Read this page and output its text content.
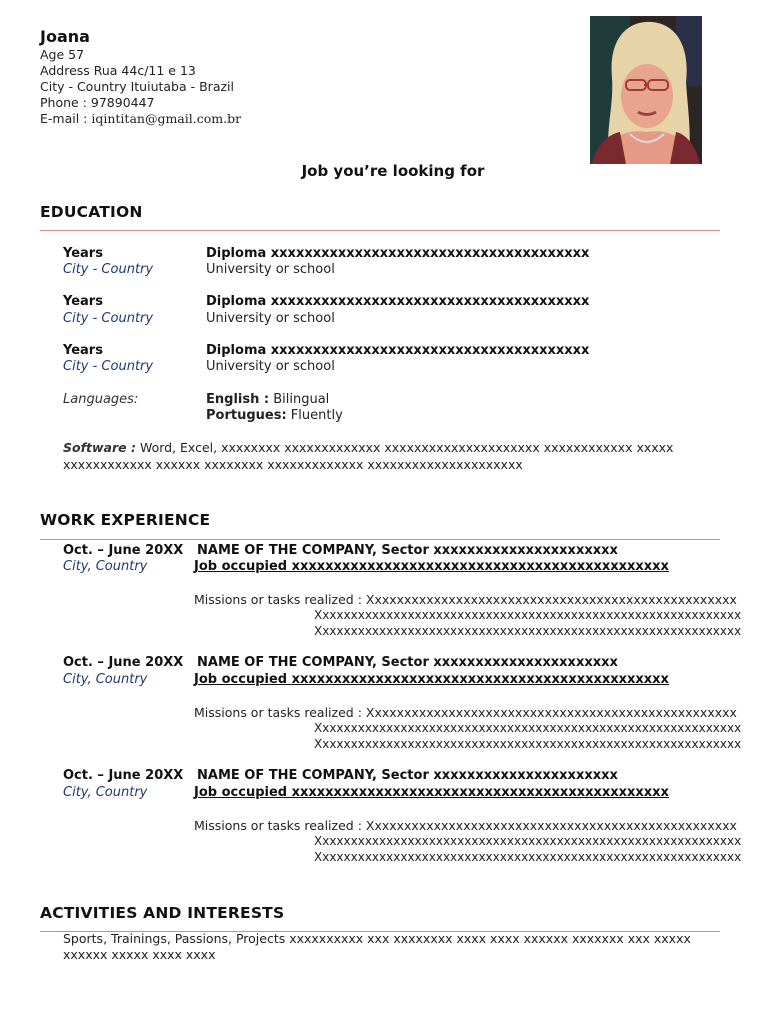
Joana
Age 57
Address Rua 44c/11 e 13
City - Country Ituiutaba - Brazil
Phone : 97890447
E-mail : iqintitan@gmail.com.br
Job you’re looking for
EDUCATION
Years	Diploma xxxxxxxxxxxxxxxxxxxxxxxxxxxxxxxxxxxxxx
City - Country	University or school
Years	Diploma xxxxxxxxxxxxxxxxxxxxxxxxxxxxxxxxxxxxxx
City - Country	University or school
Years	Diploma xxxxxxxxxxxxxxxxxxxxxxxxxxxxxxxxxxxxxx
City - Country	University or school
Languages:	English : Bilingual
Portugues: Fluently
Software : Word, Excel, xxxxxxxx xxxxxxxxxxxxx xxxxxxxxxxxxxxxxxxxxx xxxxxxxxxxxx xxxxx
xxxxxxxxxxxx xxxxxx xxxxxxxx xxxxxxxxxxxxx xxxxxxxxxxxxxxxxxxxxx
WORK EXPERIENCE
Oct. – June 20XX NAME OF THE COMPANY, Sector xxxxxxxxxxxxxxxxxxxxxx
City, Country	Job occupied xxxxxxxxxxxxxxxxxxxxxxxxxxxxxxxxxxxxxxxxxxxxx
Missions or tasks realized : Xxxxxxxxxxxxxxxxxxxxxxxxxxxxxxxxxxxxxxxxxxxxxxxxxx
Xxxxxxxxxxxxxxxxxxxxxxxxxxxxxxxxxxxxxxxxxxxxxxxxxxxxxxxxxxxx
Xxxxxxxxxxxxxxxxxxxxxxxxxxxxxxxxxxxxxxxxxxxxxxxxxxxxxxxxxxxx
Oct. – June 20XX NAME OF THE COMPANY, Sector xxxxxxxxxxxxxxxxxxxxxx
City, Country	Job occupied xxxxxxxxxxxxxxxxxxxxxxxxxxxxxxxxxxxxxxxxxxxxx
Missions or tasks realized : Xxxxxxxxxxxxxxxxxxxxxxxxxxxxxxxxxxxxxxxxxxxxxxxxxx
Xxxxxxxxxxxxxxxxxxxxxxxxxxxxxxxxxxxxxxxxxxxxxxxxxxxxxxxxxxxx
Xxxxxxxxxxxxxxxxxxxxxxxxxxxxxxxxxxxxxxxxxxxxxxxxxxxxxxxxxxxx
Oct. – June 20XX NAME OF THE COMPANY, Sector xxxxxxxxxxxxxxxxxxxxxx
City, Country	Job occupied xxxxxxxxxxxxxxxxxxxxxxxxxxxxxxxxxxxxxxxxxxxxx
Missions or tasks realized : Xxxxxxxxxxxxxxxxxxxxxxxxxxxxxxxxxxxxxxxxxxxxxxxxxx
Xxxxxxxxxxxxxxxxxxxxxxxxxxxxxxxxxxxxxxxxxxxxxxxxxxxxxxxxxxxx
Xxxxxxxxxxxxxxxxxxxxxxxxxxxxxxxxxxxxxxxxxxxxxxxxxxxxxxxxxxxx
ACTIVITIES AND INTERESTS
Sports, Trainings, Passions, Projects xxxxxxxxxx xxx xxxxxxxx xxxx xxxx xxxxxx xxxxxxx xxx xxxxx
xxxxxx xxxxx xxxx xxxx
